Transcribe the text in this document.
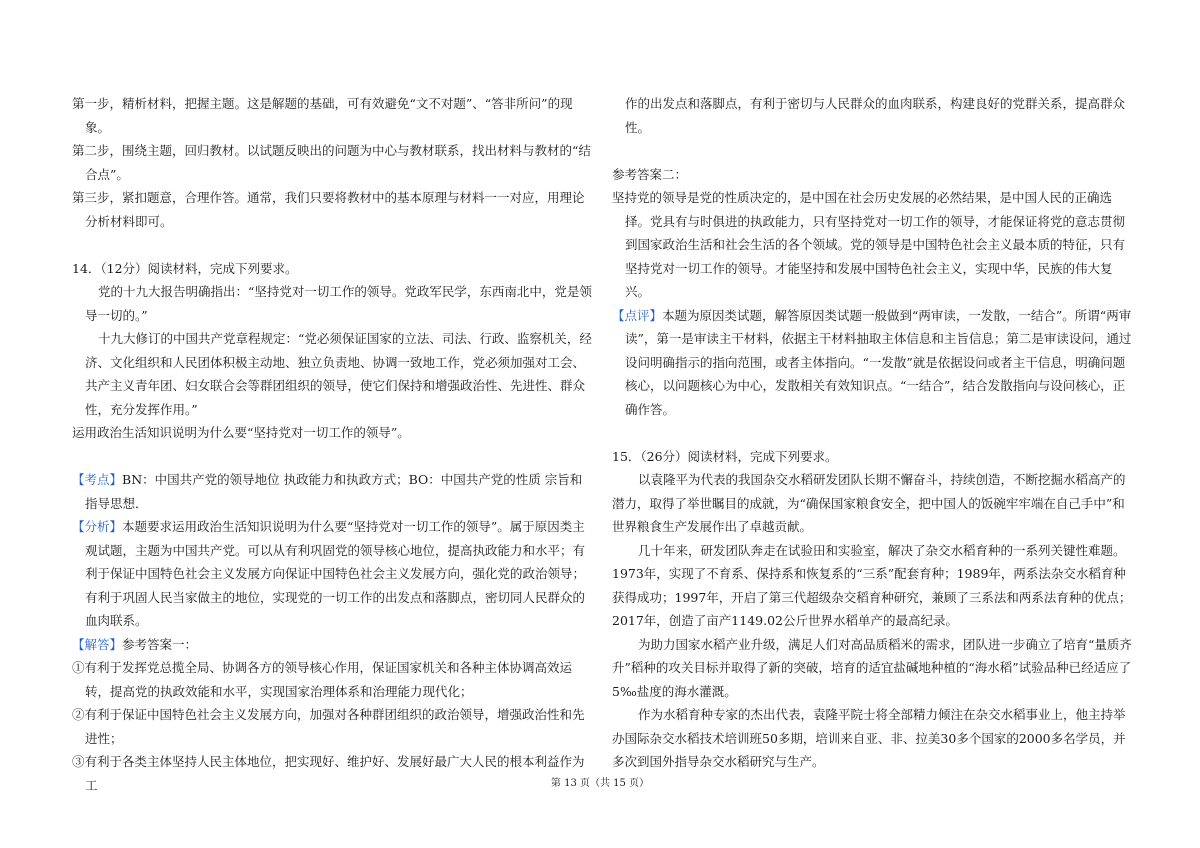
第一步，精析材料，把握主题。这是解题的基础，可有效避免“文不对题”、“答非所问”的现象。

第二步，围绕主题，回归教材。以试题反映出的问题为中心与教材联系，找出材料与教材的“结合点”。

第三步，紧扣题意，合理作答。通常，我们只要将教材中的基本原理与材料一一对应，用理论分析材料即可。

14．（12分）阅读材料，完成下列要求。

党的十九大报告明确指出：“坚持党对一切工作的领导。党政军民学，东西南北中，党是领导一切的。”

十九大修订的中国共产党章程规定：“党必须保证国家的立法、司法、行政、监察机关，经济、文化组织和人民团体积极主动地、独立负责地、协调一致地工作，党必须加强对工会、共产主义青年团、妇女联合会等群团组织的领导，使它们保持和增强政治性、先进性、群众性，充分发挥作用。”

运用政治生活知识说明为什么要“坚持党对一切工作的领导”。

【考点】BN：中国共产党的领导地位 执政能力和执政方式；BO：中国共产党的性质 宗旨和指导思想．

【分析】本题要求运用政治生活知识说明为什么要“坚持党对一切工作的领导”。属于原因类主观试题，主题为中国共产党。可以从有利巩固党的领导核心地位，提高执政能力和水平；有利于保证中国特色社会主义发展方向保证中国特色社会主义发展方向，强化党的政治领导；有利于巩固人民当家做主的地位，实现党的一切工作的出发点和落脚点，密切同人民群众的血肉联系。

【解答】参考答案一：

①有利于发挥党总揽全局、协调各方的领导核心作用，保证国家机关和各种主体协调高效运转，提高党的执政效能和水平，实现国家治理体系和治理能力现代化；

②有利于保证中国特色社会主义发展方向，加强对各种群团组织的政治领导，增强政治性和先进性；

③有利于各类主体坚持人民主体地位，把实现好、维护好、发展好最广大人民的根本利益作为工

作的出发点和落脚点，有利于密切与人民群众的血肉联系，构建良好的党群关系，提高群众性。

参考答案二：

坚持党的领导是党的性质决定的，是中国在社会历史发展的必然结果，是中国人民的正确选择。党具有与时俱进的执政能力，只有坚持党对一切工作的领导，才能保证将党的意志贯彻到国家政治生活和社会生活的各个领域。党的领导是中国特色社会主义最本质的特征，只有坚持党对一切工作的领导。才能坚持和发展中国特色社会主义，实现中华，民族的伟大复兴。

【点评】本题为原因类试题，解答原因类试题一般做到“两审读，一发散，一结合”。所谓“两审读”，第一是审读主干材料，依据主干材料抽取主体信息和主旨信息；第二是审读设问，通过设问明确指示的指向范围，或者主体指向。“一发散”就是依据设问或者主干信息，明确问题核心，以问题核心为中心，发散相关有效知识点。“一结合”，结合发散指向与设问核心，正确作答。

15．（26分）阅读材料，完成下列要求。

以袁隆平为代表的我国杂交水稻研发团队长期不懈奋斗，持续创造，不断挖掘水稻高产的潜力，取得了举世瞩目的成就，为“确保国家粮食安全，把中国人的饭碗牢牢端在自己手中”和世界粮食生产发展作出了卓越贡献。

几十年来，研发团队奔走在试验田和实验室，解决了杂交水稻育种的一系列关键性难题。1973年，实现了不育系、保持系和恢复系的“三系”配套育种；1989年，两系法杂交水稻育种获得成功；1997年，开启了第三代超级杂交稻育种研究，兼顾了三系法和两系法育种的优点；2017年，创造了亩产1149.02公斤世界水稻单产的最高纪录。

为助力国家水稻产业升级，满足人们对高品质稻米的需求，团队进一步确立了培育“量质齐升”稻种的攻关目标并取得了新的突破，培育的适宜盐碱地种植的“海水稻”试验品种已经适应了5‰盐度的海水灌溉。

作为水稻育种专家的杰出代表，袁隆平院士将全部精力倾注在杂交水稻事业上，他主持举办国际杂交水稻技术培训班50多期，培训来自亚、非、拉美30多个国家的2000多名学员，并多次到国外指导杂交水稻研究与生产。

第 13 页（共 15 页）
